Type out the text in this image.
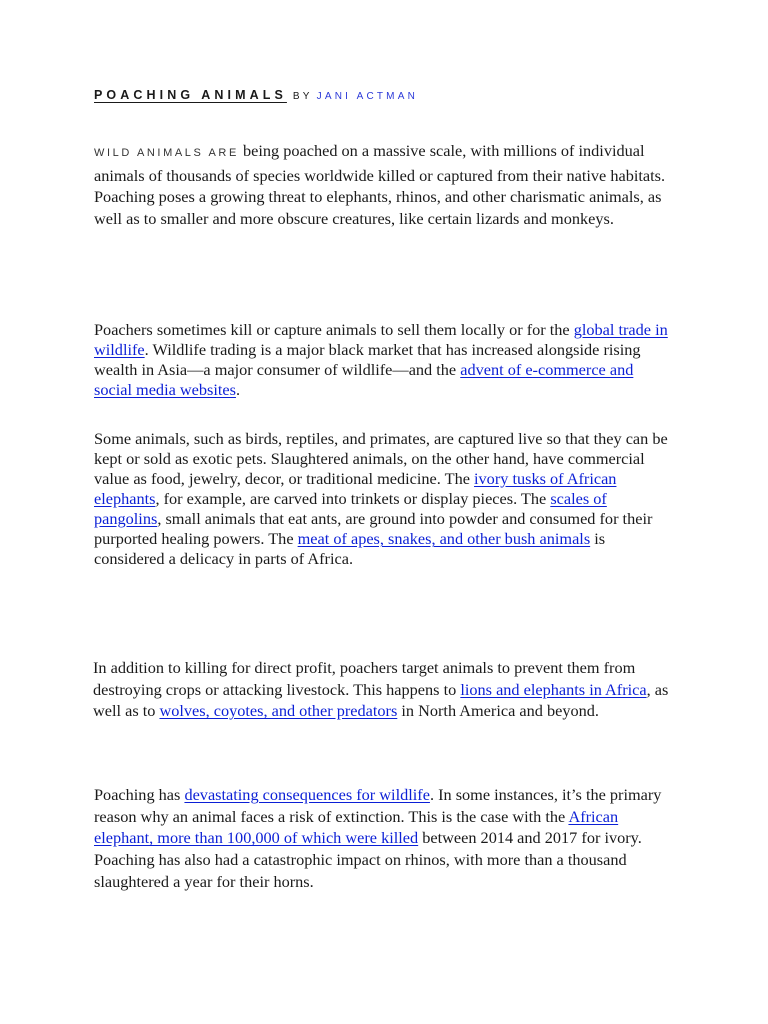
POACHING ANIMALS BY JANI ACTMAN

WILD ANIMALS ARE being poached on a massive scale, with millions of individual animals of thousands of species worldwide killed or captured from their native habitats. Poaching poses a growing threat to elephants, rhinos, and other charismatic animals, as well as to smaller and more obscure creatures, like certain lizards and monkeys.

Poachers sometimes kill or capture animals to sell them locally or for the global trade in wildlife. Wildlife trading is a major black market that has increased alongside rising wealth in Asia—a major consumer of wildlife—and the advent of e-commerce and social media websites.

Some animals, such as birds, reptiles, and primates, are captured live so that they can be kept or sold as exotic pets. Slaughtered animals, on the other hand, have commercial value as food, jewelry, decor, or traditional medicine. The ivory tusks of African elephants, for example, are carved into trinkets or display pieces. The scales of pangolins, small animals that eat ants, are ground into powder and consumed for their purported healing powers. The meat of apes, snakes, and other bush animals is considered a delicacy in parts of Africa.

In addition to killing for direct profit, poachers target animals to prevent them from destroying crops or attacking livestock. This happens to lions and elephants in Africa, as well as to wolves, coyotes, and other predators in North America and beyond.

Poaching has devastating consequences for wildlife. In some instances, it’s the primary reason why an animal faces a risk of extinction. This is the case with the African elephant, more than 100,000 of which were killed between 2014 and 2017 for ivory. Poaching has also had a catastrophic impact on rhinos, with more than a thousand slaughtered a year for their horns.
